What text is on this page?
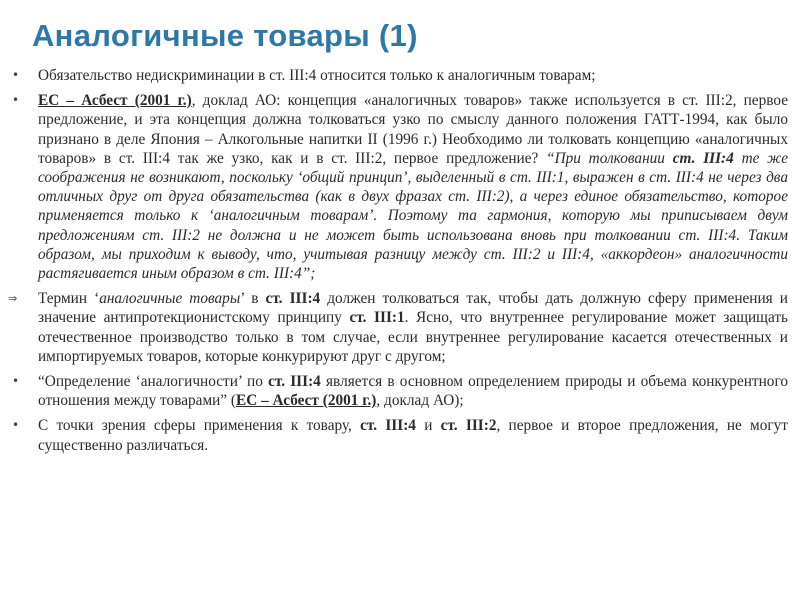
Аналогичные товары (1)
•	Обязательство недискриминации в ст. III:4 относится только к аналогичным товарам;
•	ЕС – Асбест (2001 г.), доклад АО: концепция «аналогичных товаров» также используется в ст. III:2, первое предложение, и эта концепция должна толковаться узко по смыслу данного положения ГАТТ-1994, как было признано в деле Япония – Алкогольные напитки II (1996 г.) Необходимо ли толковать концепцию «аналогичных товаров» в ст. III:4 так же узко, как и в ст. III:2, первое предложение? “При толковании ст. III:4 те же соображения не возникают, поскольку ‘общий принцип’, выделенный в ст. III:1, выражен в ст. III:4 не через два отличных друг от друга обязательства (как в двух фразах ст. III:2), а через единое обязательство, которое применяется только к ‘аналогичным товарам’. Поэтому та гармония, которую мы приписываем двум предложениям ст. III:2 не должна и не может быть использована вновь при толковании ст. III:4. Таким образом, мы приходим к выводу, что, учитывая разницу между ст. III:2 и III:4, «аккордеон» аналогичности растягивается иным образом в ст. III:4”;
⇒	Термин ‘аналогичные товары’ в ст. III:4 должен толковаться так, чтобы дать должную сферу применения и значение антипротекционистскому принципу ст. III:1. Ясно, что внутреннее регулирование может защищать отечественное производство только в том случае, если внутреннее регулирование касается отечественных и импортируемых товаров, которые конкурируют друг с другом;
•	“Определение ‘аналогичности’ по ст. III:4 является в основном определением природы и объема конкурентного отношения между товарами” (ЕС – Асбест (2001 г.), доклад АО);
•	С точки зрения сферы применения к товару, ст. III:4 и ст. III:2, первое и второе предложения, не могут существенно различаться.
